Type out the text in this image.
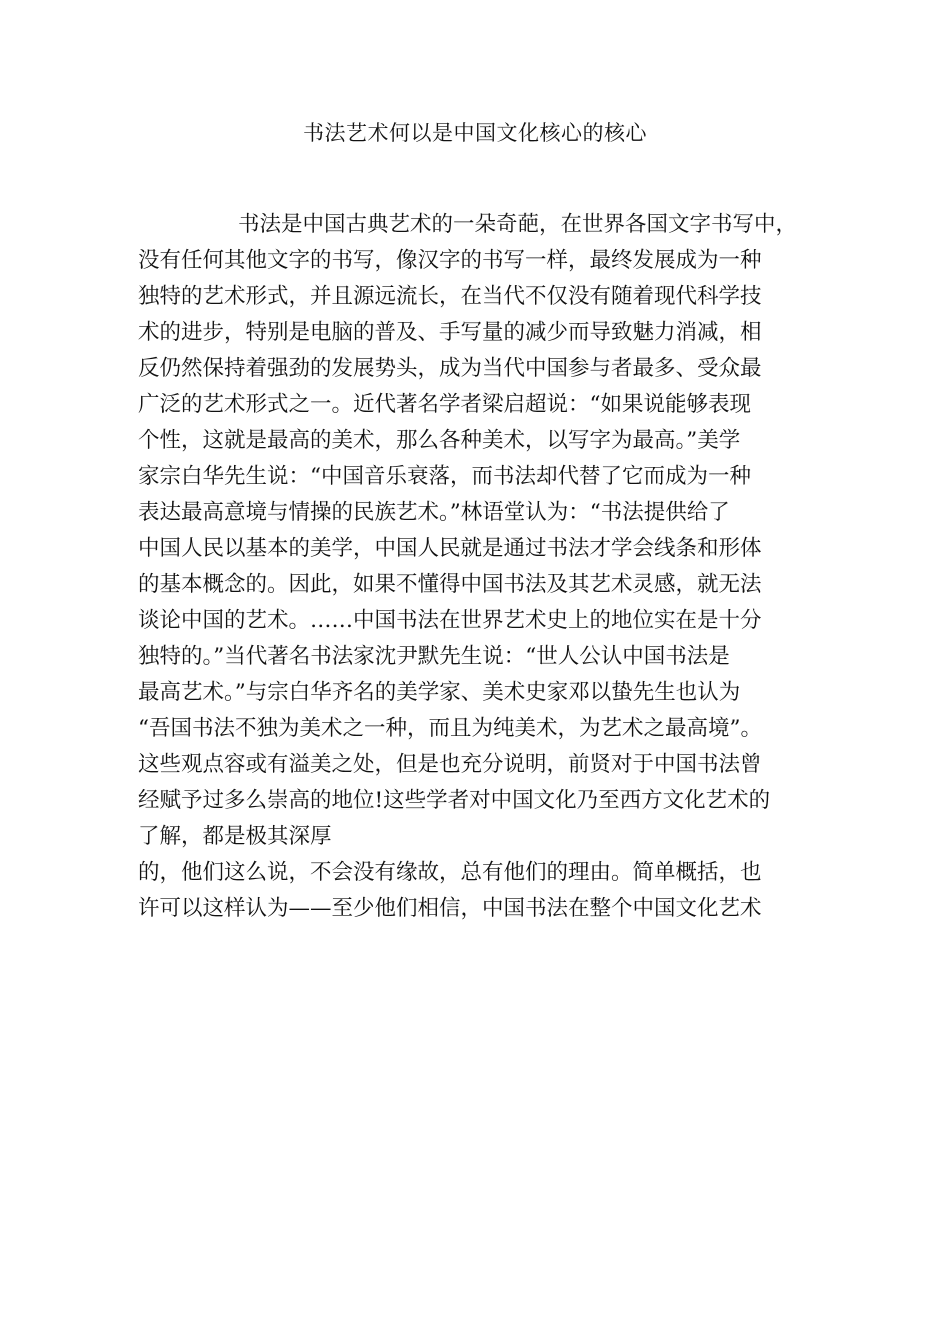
书法艺术何以是中国文化核心的核心
书法是中国古典艺术的一朵奇葩，在世界各国文字书写中，
没有任何其他文字的书写，像汉字的书写一样，最终发展成为一种
独特的艺术形式，并且源远流长，在当代不仅没有随着现代科学技
术的进步，特别是电脑的普及、手写量的减少而导致魅力消减，相
反仍然保持着强劲的发展势头，成为当代中国参与者最多、受众最
广泛的艺术形式之一。近代著名学者梁启超说：“如果说能够表现
个性，这就是最高的美术，那么各种美术，以写字为最高。”美学
家宗白华先生说：“中国音乐衰落，而书法却代替了它而成为一种
表达最高意境与情操的民族艺术。”林语堂认为：“书法提供给了
中国人民以基本的美学，中国人民就是通过书法才学会线条和形体
的基本概念的。因此，如果不懂得中国书法及其艺术灵感，就无法
谈论中国的艺术。……中国书法在世界艺术史上的地位实在是十分
独特的。”当代著名书法家沈尹默先生说：“世人公认中国书法是
最高艺术。”与宗白华齐名的美学家、美术史家邓以蛰先生也认为
“吾国书法不独为美术之一种，而且为纯美术，为艺术之最高境”。
这些观点容或有溢美之处，但是也充分说明，前贤对于中国书法曾
经赋予过多么崇高的地位!这些学者对中国文化乃至西方文化艺术的
了解，都是极其深厚
的，他们这么说，不会没有缘故，总有他们的理由。简单概括，也
许可以这样认为——至少他们相信，中国书法在整个中国文化艺术
